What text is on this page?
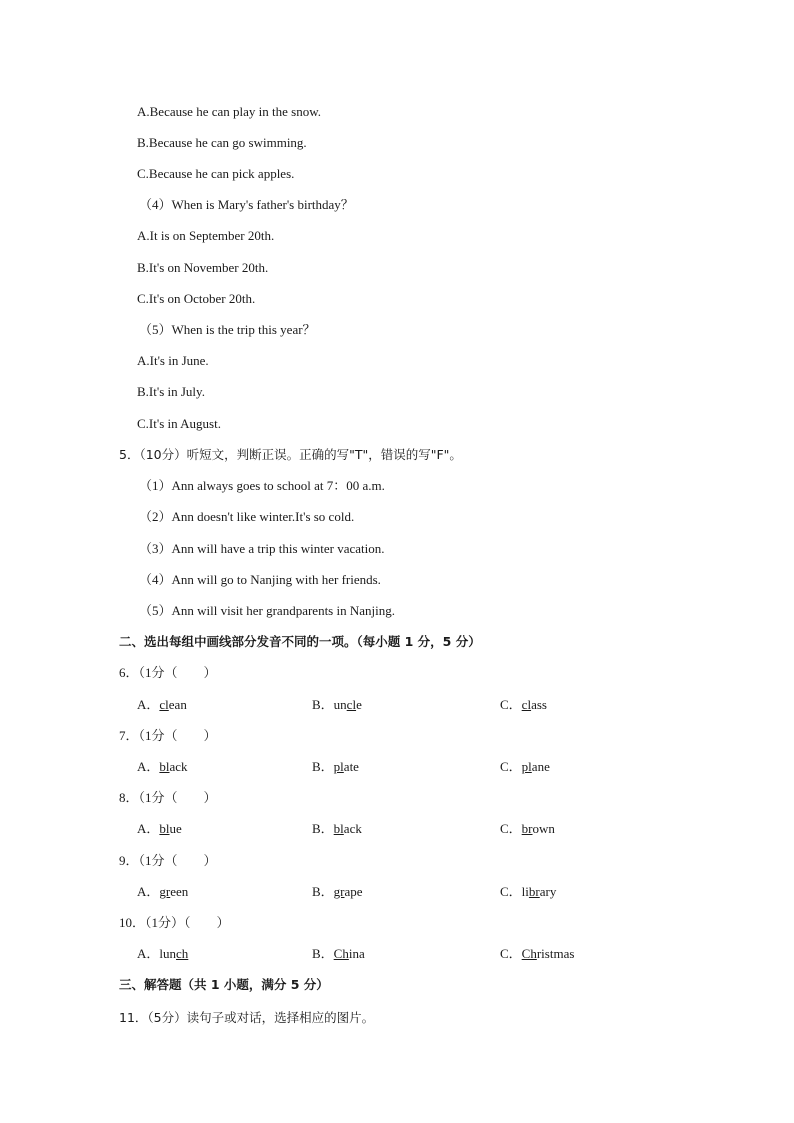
A.Because he can play in the snow.
B.Because he can go swimming.
C.Because he can pick apples.
（4）When is Mary's father's birthday？
A.It is on September 20th.
B.It's on November 20th.
C.It's on October 20th.
（5）When is the trip this year？
A.It's in June.
B.It's in July.
C.It's in August.
5．（10分）听短文，判断正误。正确的写"T"，错误的写"F"。
（1）Ann always goes to school at 7：00 a.m.
（2）Ann doesn't like winter.It's so cold.
（3）Ann will have a trip this winter vacation.
（4）Ann will go to Nanjing with her friends.
（5）Ann will visit her grandparents in Nanjing.
二、选出每组中画线部分发音不同的一项。（每小题 1 分，5 分）
6．（1分（　　）
A．clean	B．uncle	C．class
7．（1分（　　）
A．black	B．plate	C．plane
8．（1分（　　）
A．blue	B．black	C．brown
9．（1分（　　）
A．green	B．grape	C．library
10．（1分）（　　）
A．lunch	B．China	C．Christmas
三、解答题（共 1 小题，满分 5 分）
11．（5分）读句子或对话，选择相应的图片。
